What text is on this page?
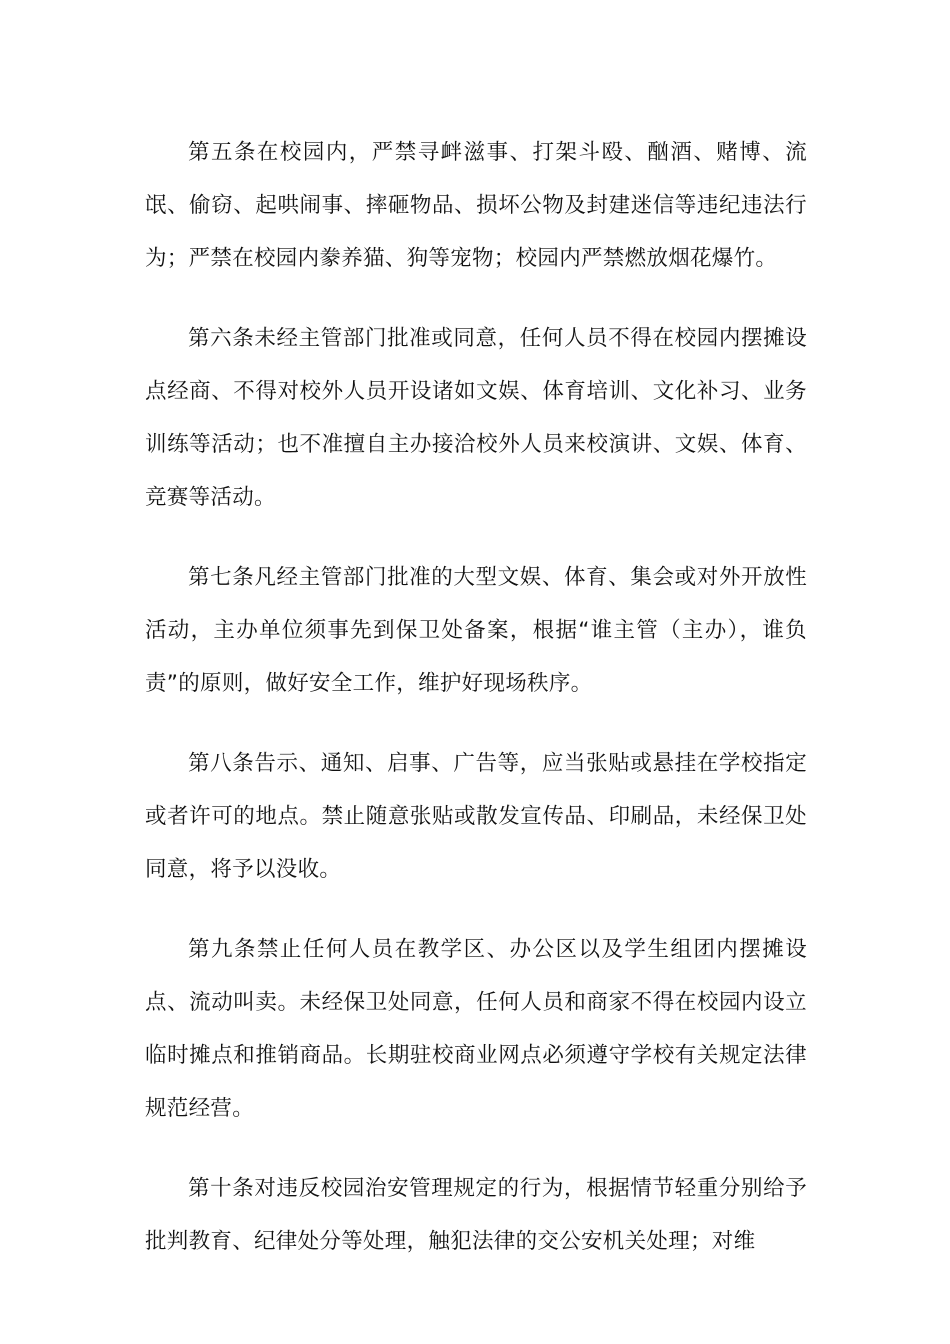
第五条在校园内，严禁寻衅滋事、打架斗殴、酗酒、赌博、流氓、偷窃、起哄闹事、摔砸物品、损坏公物及封建迷信等违纪违法行为；严禁在校园内豢养猫、狗等宠物；校园内严禁燃放烟花爆竹。

第六条未经主管部门批准或同意，任何人员不得在校园内摆摊设点经商、不得对校外人员开设诸如文娱、体育培训、文化补习、业务训练等活动；也不准擅自主办接洽校外人员来校演讲、文娱、体育、竞赛等活动。

第七条凡经主管部门批准的大型文娱、体育、集会或对外开放性活动，主办单位须事先到保卫处备案，根据“谁主管（主办），谁负责”的原则，做好安全工作，维护好现场秩序。

第八条告示、通知、启事、广告等，应当张贴或悬挂在学校指定或者许可的地点。禁止随意张贴或散发宣传品、印刷品，未经保卫处同意，将予以没收。

第九条禁止任何人员在教学区、办公区以及学生组团内摆摊设点、流动叫卖。未经保卫处同意，任何人员和商家不得在校园内设立临时摊点和推销商品。长期驻校商业网点必须遵守学校有关规定法律规范经营。

第十条对违反校园治安管理规定的行为，根据情节轻重分别给予批判教育、纪律处分等处理，触犯法律的交公安机关处理；对维
